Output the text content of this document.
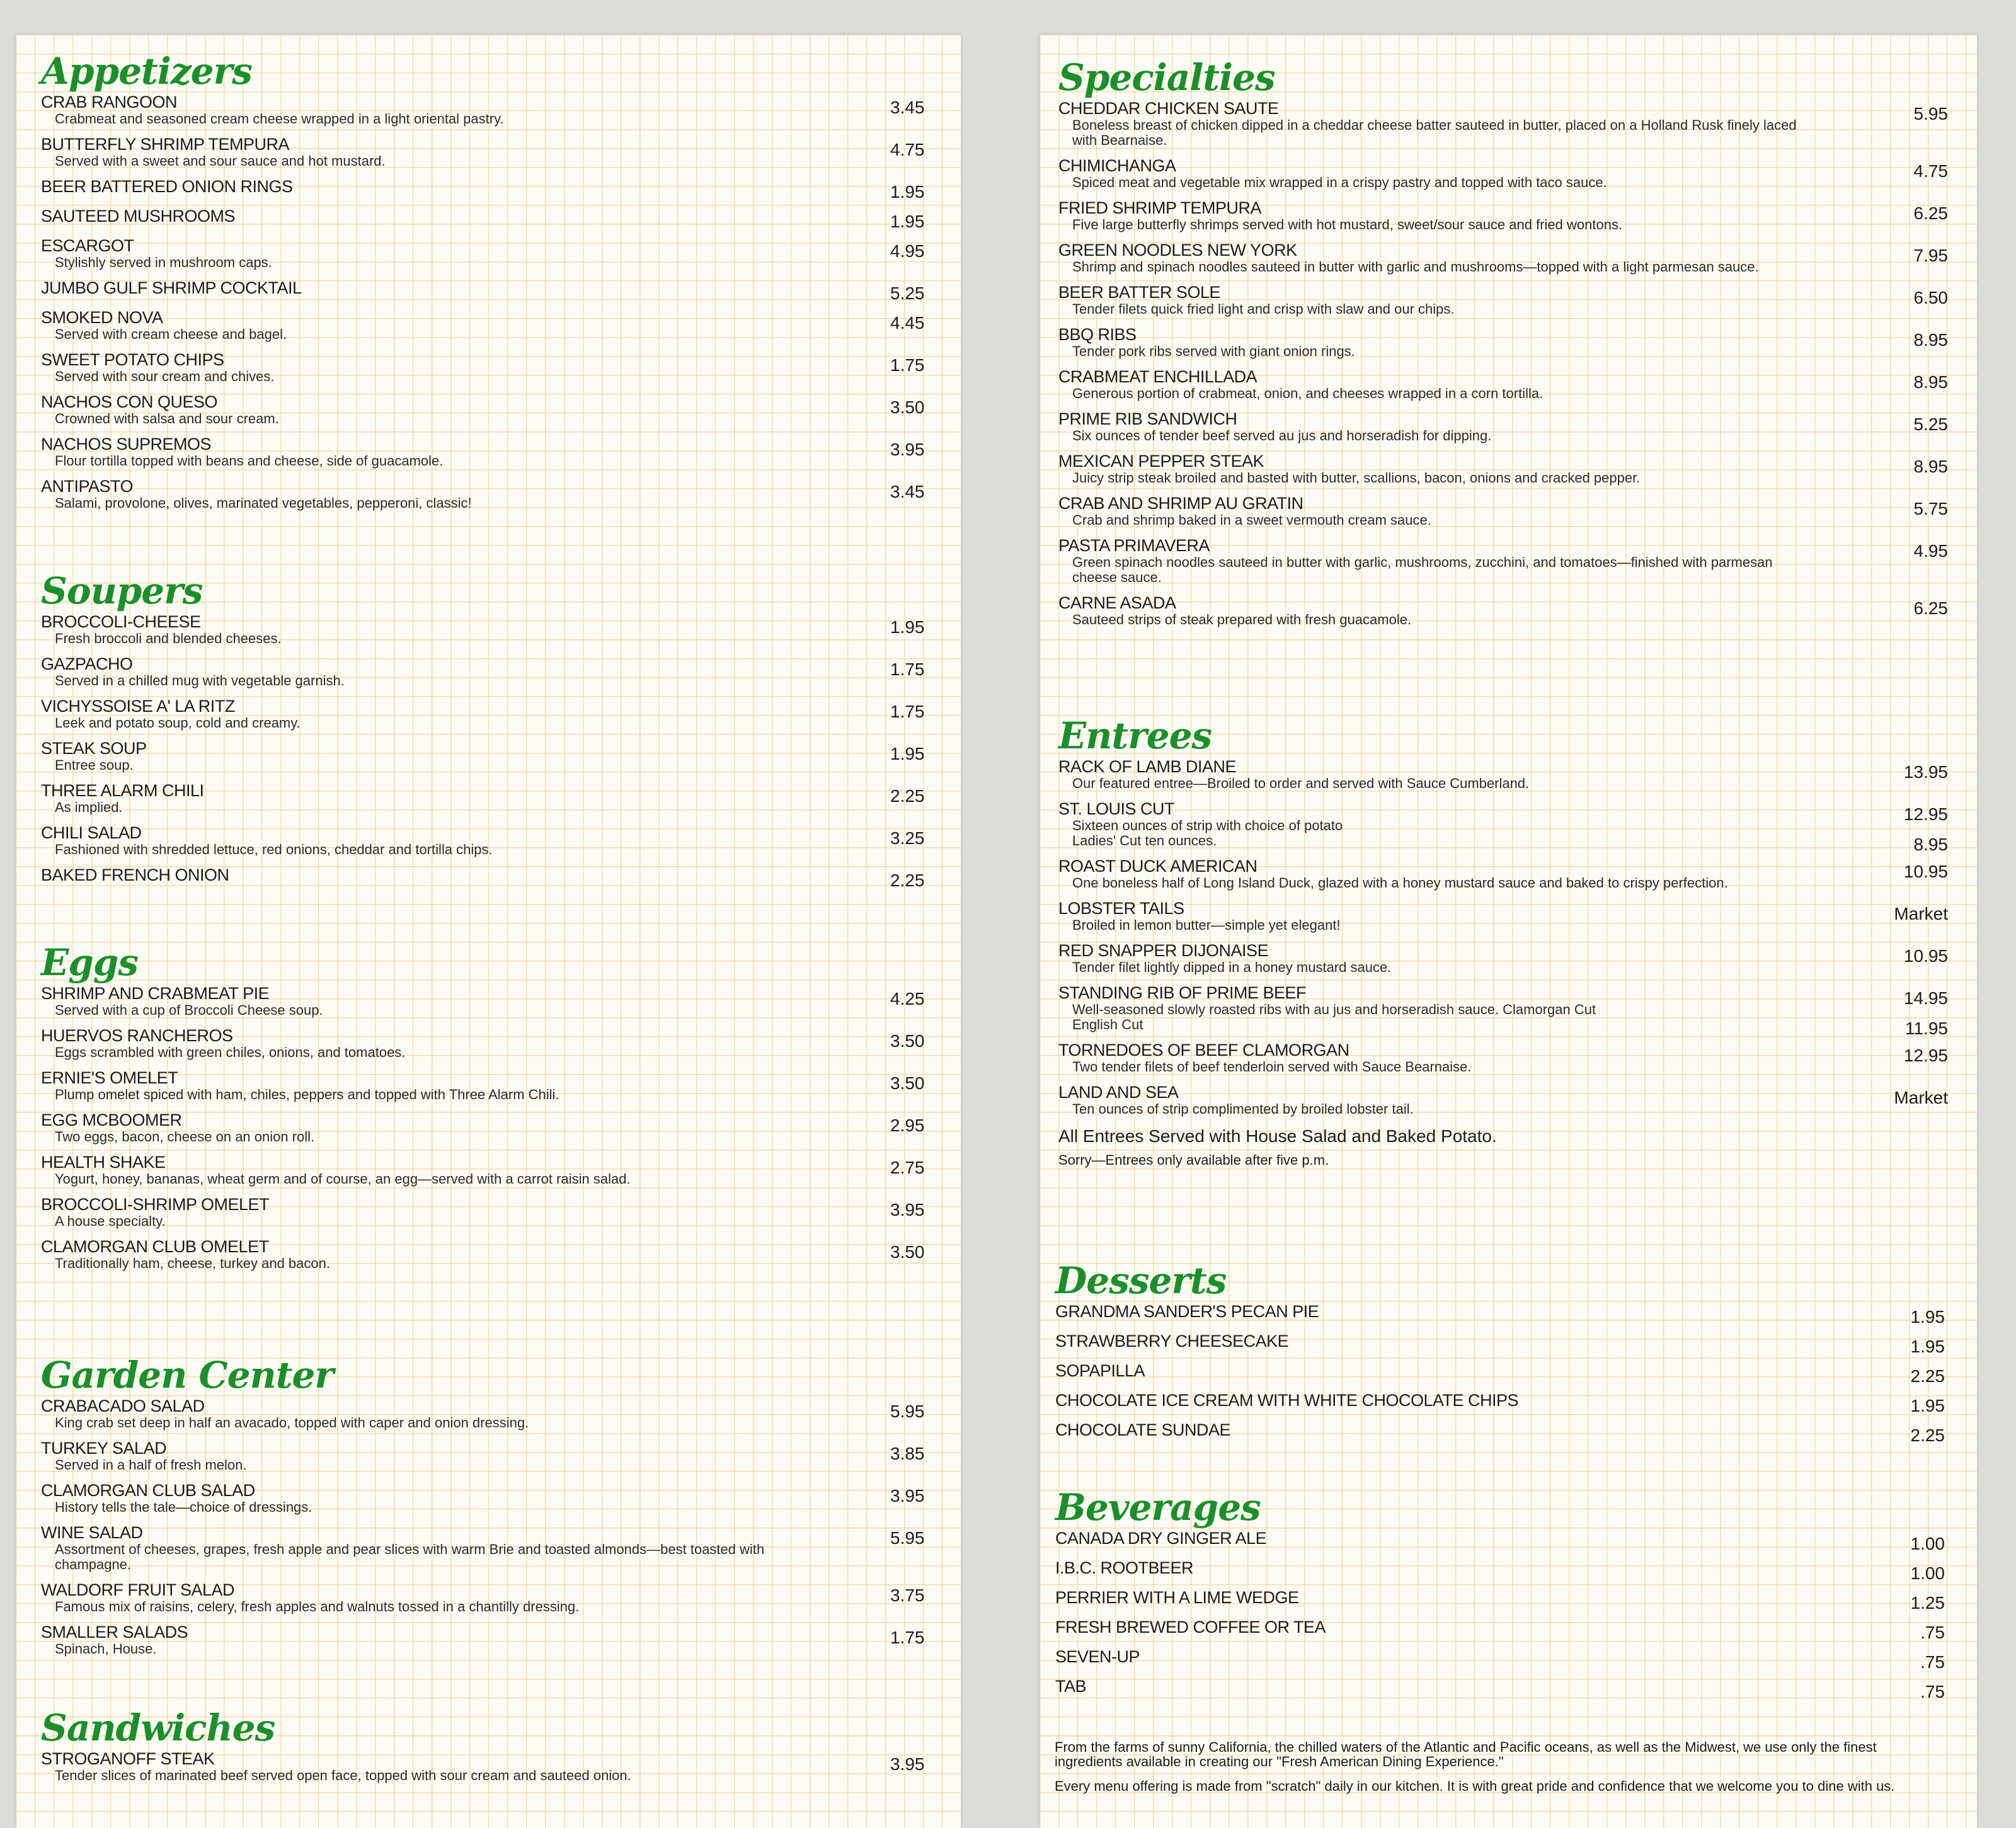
Appetizers
CRAB RANGOON
Crabmeat and seasoned cream cheese wrapped in a light oriental pastry.
3.45
BUTTERFLY SHRIMP TEMPURA
Served with a sweet and sour sauce and hot mustard.
4.75
BEER BATTERED ONION RINGS	1.95
SAUTEED MUSHROOMS	1.95
ESCARGOT
Stylishly served in mushroom caps.
4.95
JUMBO GULF SHRIMP COCKTAIL	5.25
SMOKED NOVA
Served with cream cheese and bagel.
4.45
SWEET POTATO CHIPS
Served with sour cream and chives.
1.75
NACHOS CON QUESO
Crowned with salsa and sour cream.
3.50
NACHOS SUPREMOS
Flour tortilla topped with beans and cheese, side of guacamole.
3.95
ANTIPASTO
Salami, provolone, olives, marinated vegetables, pepperoni, classic!
3.45
Soupers
BROCCOLI-CHEESE
Fresh broccoli and blended cheeses.
1.95
GAZPACHO
Served in a chilled mug with vegetable garnish.
1.75
VICHYSSOISE A' LA RITZ
Leek and potato soup, cold and creamy.
1.75
STEAK SOUP
Entree soup.
1.95
THREE ALARM CHILI
As implied.
2.25
CHILI SALAD
Fashioned with shredded lettuce, red onions, cheddar and tortilla chips.
3.25
BAKED FRENCH ONION	2.25
Eggs
SHRIMP AND CRABMEAT PIE
Served with a cup of Broccoli Cheese soup.
4.25
HUERVOS RANCHEROS
Eggs scrambled with green chiles, onions, and tomatoes.
3.50
ERNIE'S OMELET
Plump omelet spiced with ham, chiles, peppers and topped with Three Alarm Chili.
3.50
EGG MCBOOMER
Two eggs, bacon, cheese on an onion roll.
2.95
HEALTH SHAKE
Yogurt, honey, bananas, wheat germ and of course, an egg—served with a carrot raisin salad.
2.75
BROCCOLI-SHRIMP OMELET
A house specialty.
3.95
CLAMORGAN CLUB OMELET
Traditionally ham, cheese, turkey and bacon.
3.50
Garden Center
CRABACADO SALAD
King crab set deep in half an avacado, topped with caper and onion dressing.
5.95
TURKEY SALAD
Served in a half of fresh melon.
3.85
CLAMORGAN CLUB SALAD
History tells the tale—choice of dressings.
3.95
WINE SALAD
Assortment of cheeses, grapes, fresh apple and pear slices with warm Brie and toasted almonds—best toasted with champagne.
5.95
WALDORF FRUIT SALAD
Famous mix of raisins, celery, fresh apples and walnuts tossed in a chantilly dressing.
3.75
SMALLER SALADS
Spinach, House.
1.75
Sandwiches
STROGANOFF STEAK
Tender slices of marinated beef served open face, topped with sour cream and sauteed onion.
3.95
Specialties
CHEDDAR CHICKEN SAUTE
Boneless breast of chicken dipped in a cheddar cheese batter sauteed in butter, placed on a Holland Rusk finely laced with Bearnaise.
5.95
CHIMICHANGA
Spiced meat and vegetable mix wrapped in a crispy pastry and topped with taco sauce.
4.75
FRIED SHRIMP TEMPURA
Five large butterfly shrimps served with hot mustard, sweet/sour sauce and fried wontons.
6.25
GREEN NOODLES NEW YORK
Shrimp and spinach noodles sauteed in butter with garlic and mushrooms—topped with a light parmesan sauce.
7.95
BEER BATTER SOLE
Tender filets quick fried light and crisp with slaw and our chips.
6.50
BBQ RIBS
Tender pork ribs served with giant onion rings.
8.95
CRABMEAT ENCHILLADA
Generous portion of crabmeat, onion, and cheeses wrapped in a corn tortilla.
8.95
PRIME RIB SANDWICH
Six ounces of tender beef served au jus and horseradish for dipping.
5.25
MEXICAN PEPPER STEAK
Juicy strip steak broiled and basted with butter, scallions, bacon, onions and cracked pepper.
8.95
CRAB AND SHRIMP AU GRATIN
Crab and shrimp baked in a sweet vermouth cream sauce.
5.75
PASTA PRIMAVERA
Green spinach noodles sauteed in butter with garlic, mushrooms, zucchini, and tomatoes—finished with parmesan cheese sauce.
4.95
CARNE ASADA
Sauteed strips of steak prepared with fresh guacamole.
6.25
Entrees
RACK OF LAMB DIANE
Our featured entree—Broiled to order and served with Sauce Cumberland.
13.95
ST. LOUIS CUT
Sixteen ounces of strip with choice of potato
Ladies' Cut ten ounces.
12.95
8.95
ROAST DUCK AMERICAN
One boneless half of Long Island Duck, glazed with a honey mustard sauce and baked to crispy perfection.
10.95
LOBSTER TAILS
Broiled in lemon butter—simple yet elegant!
Market
RED SNAPPER DIJONAISE
Tender filet lightly dipped in a honey mustard sauce.
10.95
STANDING RIB OF PRIME BEEF
Well-seasoned slowly roasted ribs with au jus and horseradish sauce. Clamorgan Cut
English Cut
14.95
11.95
TORNEDOES OF BEEF CLAMORGAN
Two tender filets of beef tenderloin served with Sauce Bearnaise.
12.95
LAND AND SEA
Ten ounces of strip complimented by broiled lobster tail.
Market
All Entrees Served with House Salad and Baked Potato.
Sorry—Entrees only available after five p.m.
Desserts
GRANDMA SANDER'S PECAN PIE	1.95
STRAWBERRY CHEESECAKE	1.95
SOPAPILLA	2.25
CHOCOLATE ICE CREAM WITH WHITE CHOCOLATE CHIPS	1.95
CHOCOLATE SUNDAE	2.25
Beverages
CANADA DRY GINGER ALE	1.00
I.B.C. ROOTBEER	1.00
PERRIER WITH A LIME WEDGE	1.25
FRESH BREWED COFFEE OR TEA	.75
SEVEN-UP	.75
TAB	.75

From the farms of sunny California, the chilled waters of the Atlantic and Pacific oceans, as well as the Midwest, we use only the finest ingredients available in creating our "Fresh American Dining Experience."

Every menu offering is made from "scratch" daily in our kitchen. It is with great pride and confidence that we welcome you to dine with us.
